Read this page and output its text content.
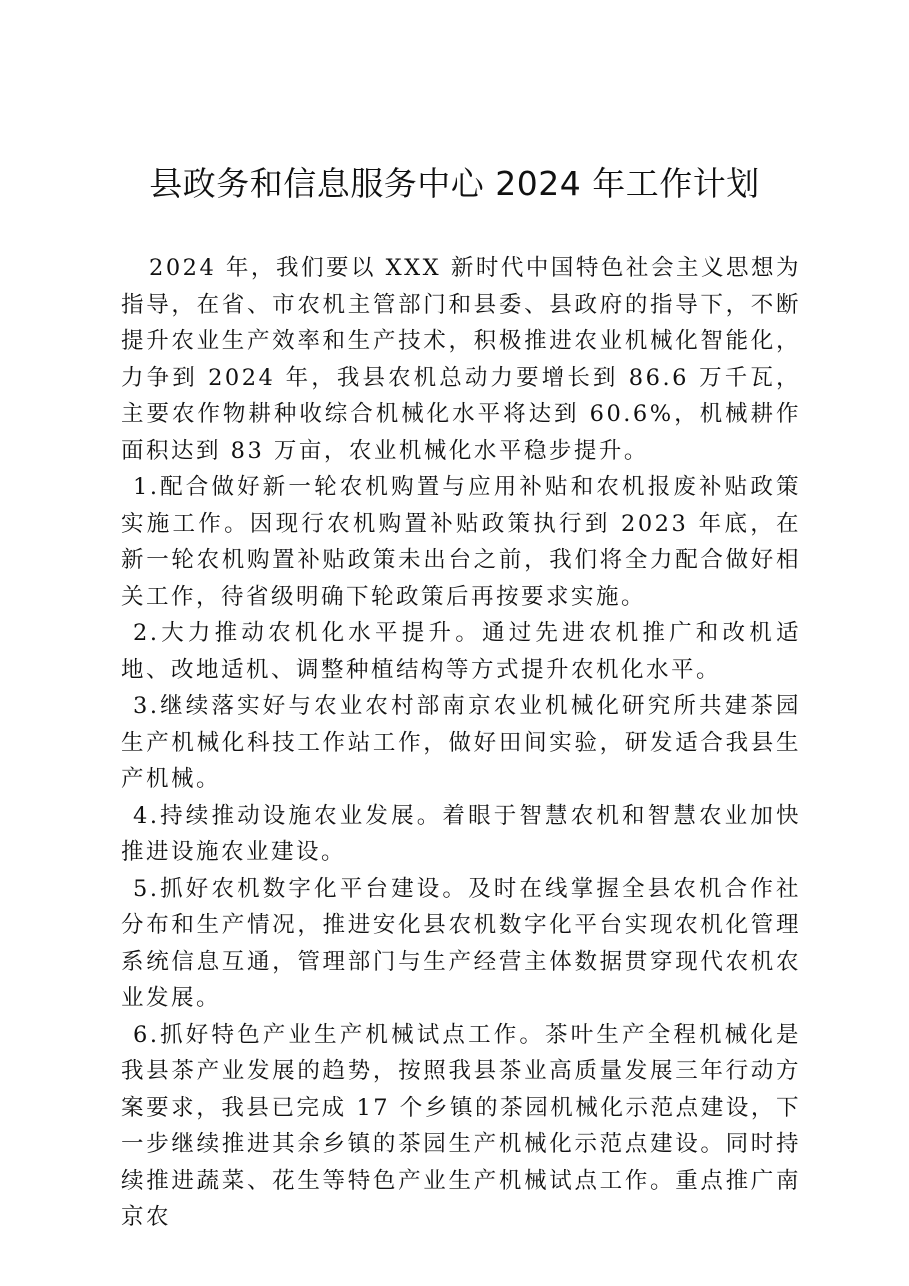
县政务和信息服务中心 2024 年工作计划

2024 年，我们要以 XXX 新时代中国特色社会主义思想为指导，在省、市农机主管部门和县委、县政府的指导下，不断提升农业生产效率和生产技术，积极推进农业机械化智能化，力争到 2024 年，我县农机总动力要增长到 86.6 万千瓦，主要农作物耕种收综合机械化水平将达到 60.6%，机械耕作面积达到 83 万亩，农业机械化水平稳步提升。

1.配合做好新一轮农机购置与应用补贴和农机报废补贴政策实施工作。因现行农机购置补贴政策执行到 2023 年底，在新一轮农机购置补贴政策未出台之前，我们将全力配合做好相关工作，待省级明确下轮政策后再按要求实施。

2.大力推动农机化水平提升。通过先进农机推广和改机适地、改地适机、调整种植结构等方式提升农机化水平。

3.继续落实好与农业农村部南京农业机械化研究所共建茶园生产机械化科技工作站工作，做好田间实验，研发适合我县生产机械。

4.持续推动设施农业发展。着眼于智慧农机和智慧农业加快推进设施农业建设。

5.抓好农机数字化平台建设。及时在线掌握全县农机合作社分布和生产情况，推进安化县农机数字化平台实现农机化管理系统信息互通，管理部门与生产经营主体数据贯穿现代农机农业发展。

6.抓好特色产业生产机械试点工作。茶叶生产全程机械化是我县茶产业发展的趋势，按照我县茶业高质量发展三年行动方案要求，我县已完成 17 个乡镇的茶园机械化示范点建设，下一步继续推进其余乡镇的茶园生产机械化示范点建设。同时持续推进蔬菜、花生等特色产业生产机械试点工作。重点推广南京农
